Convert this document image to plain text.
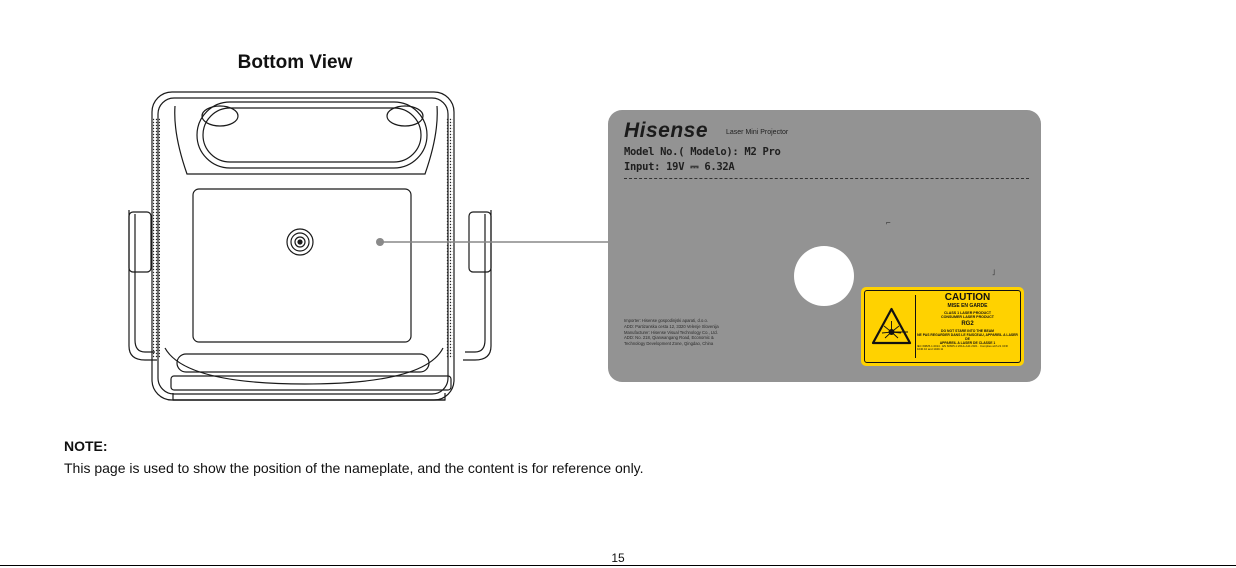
Bottom View
Hisense	Laser Mini Projector
Model No.( Modelo): M2 Pro
Input: 19V ⎓ 6.32A
⌐
˩
Importer: Hisense gospodinjski aparati, d.o.o.
ADD: Partizanska cesta 12, 3320 Velenje Slovenija
Manufacturer: Hisense Visual Technology Co., Ltd.
ADD: No. 218, Qianwangang Road, Economic &
Technology Development Zone, Qingdao, China
CAUTION
MISE EN GARDE
CLASS 1 LASER PRODUCT
CONSUMER LASER PRODUCT
RG2
DO NOT STARE INTO THE BEAM
NE PAS REGARDER DANS LE FAISCEAU, APPAREIL A LASER DE
APPAREIL A LASER DE CLASSE 1
IEC 60825-1:2014 · EN 60825-1:2014+A11:2021 · Complies with 21 CFR 1040.10 and 1040.11
NOTE:
This page is used to show the position of the nameplate, and the content is for reference only.
15
